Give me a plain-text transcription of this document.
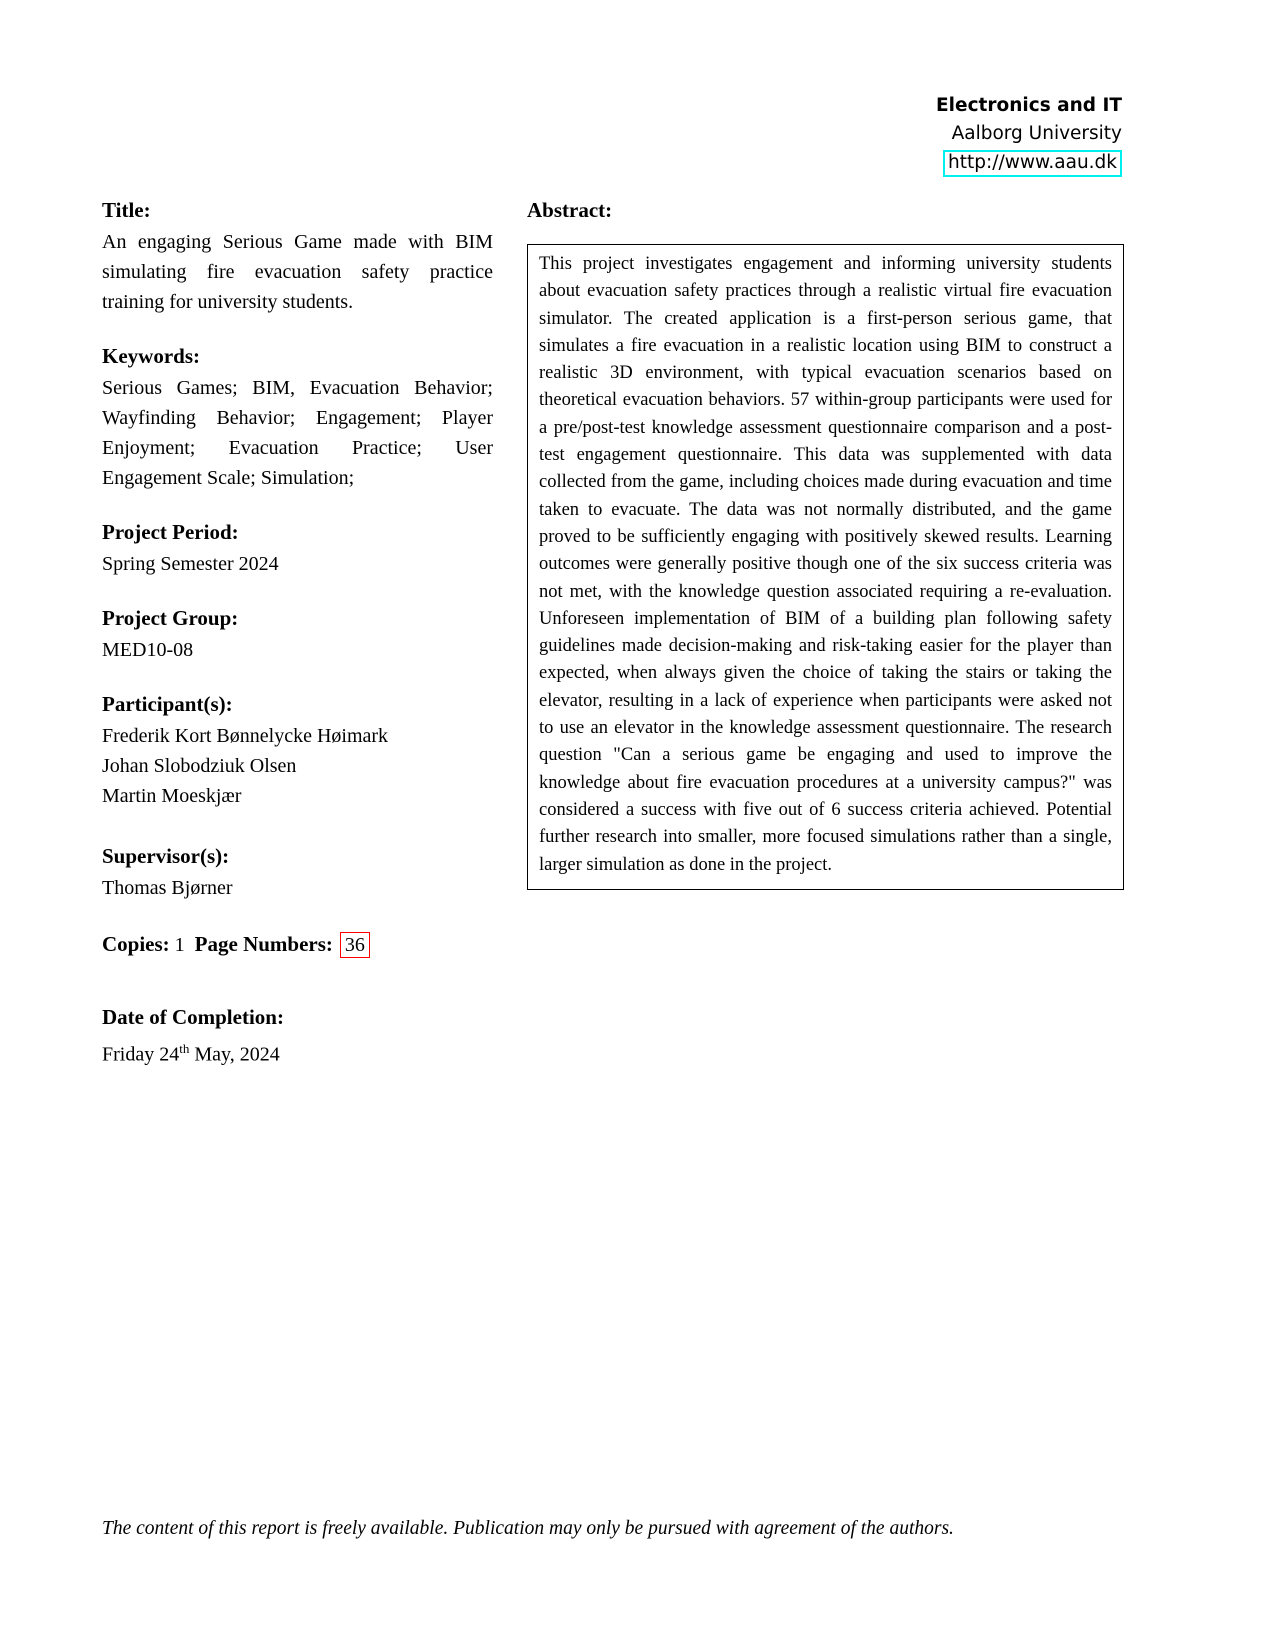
Electronics and IT
Aalborg University
http://www.aau.dk

Title:

An engaging Serious Game made with BIM simulating fire evacuation safety practice training for university students.

Keywords:

Serious Games; BIM, Evacuation Behavior; Wayfinding Behavior; Engagement; Player Enjoyment; Evacuation Practice; User Engagement Scale; Simulation;

Project Period:

Spring Semester 2024

Project Group:

MED10-08

Participant(s):

Frederik Kort Bønnelycke Høimark

Johan Slobodziuk Olsen

Martin Moeskjær

Supervisor(s):

Thomas Bjørner

Copies: 1 Page Numbers: 36

Date of Completion:

Friday 24th May, 2024

Abstract:

This project investigates engagement and informing university students about evacuation safety practices through a realistic virtual fire evacuation simulator. The created application is a first-person serious game, that simulates a fire evacuation in a realistic location using BIM to construct a realistic 3D environment, with typical evacuation scenarios based on theoretical evacuation behaviors. 57 within-group participants were used for a pre/post-test knowledge assessment questionnaire comparison and a post-test engagement questionnaire. This data was supplemented with data collected from the game, including choices made during evacuation and time taken to evacuate. The data was not normally distributed, and the game proved to be sufficiently engaging with positively skewed results. Learning outcomes were generally positive though one of the six success criteria was not met, with the knowledge question associated requiring a re-evaluation. Unforeseen implementation of BIM of a building plan following safety guidelines made decision-making and risk-taking easier for the player than expected, when always given the choice of taking the stairs or taking the elevator, resulting in a lack of experience when participants were asked not to use an elevator in the knowledge assessment questionnaire. The research question "Can a serious game be engaging and used to improve the knowledge about fire evacuation procedures at a university campus?" was considered a success with five out of 6 success criteria achieved. Potential further research into smaller, more focused simulations rather than a single, larger simulation as done in the project.
The content of this report is freely available. Publication may only be pursued with agreement of the authors.
